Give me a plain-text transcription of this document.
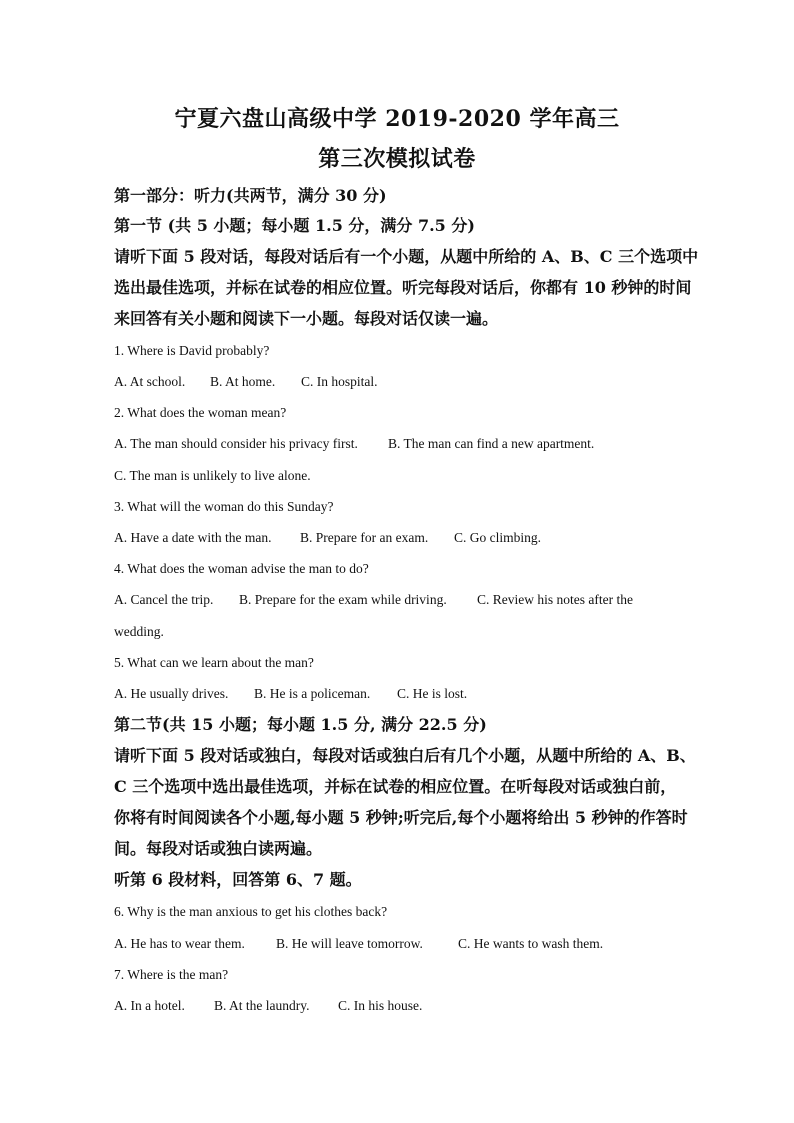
宁夏六盘山高级中学 2019-2020 学年高三
第三次模拟试卷
第一部分：听力(共两节，满分 30 分)
第一节 (共 5 小题；每小题 1.5 分，满分 7.5 分)
请听下面 5 段对话，每段对话后有一个小题，从题中所给的 A、B、C 三个选项中
选出最佳选项，并标在试卷的相应位置。听完每段对话后，你都有 10 秒钟的时间
来回答有关小题和阅读下一小题。每段对话仅读一遍。
1. Where is David probably?
A. At school. B. At home. C. In hospital.
2. What does the woman mean?
A. The man should consider his privacy first. B. The man can find a new apartment.
C. The man is unlikely to live alone.
3. What will the woman do this Sunday?
A. Have a date with the man. B. Prepare for an exam. C. Go climbing.
4. What does the woman advise the man to do?
A. Cancel the trip. B. Prepare for the exam while driving. C. Review his notes after the
wedding.
5. What can we learn about the man?
A. He usually drives. B. He is a policeman. C. He is lost.
第二节(共 15 小题；每小题 1.5 分, 满分 22.5 分)
请听下面 5 段对话或独白，每段对话或独白后有几个小题，从题中所给的 A、B、
C 三个选项中选出最佳选项，并标在试卷的相应位置。在听每段对话或独白前，
你将有时间阅读各个小题,每小题 5 秒钟;听完后,每个小题将给出 5 秒钟的作答时
间。每段对话或独白读两遍。
听第 6 段材料，回答第 6、7 题。
6. Why is the man anxious to get his clothes back?
A. He has to wear them. B. He will leave tomorrow.	C. He wants to wash them.
7. Where is the man?
A. In a hotel. B. At the laundry. C. In his house.
